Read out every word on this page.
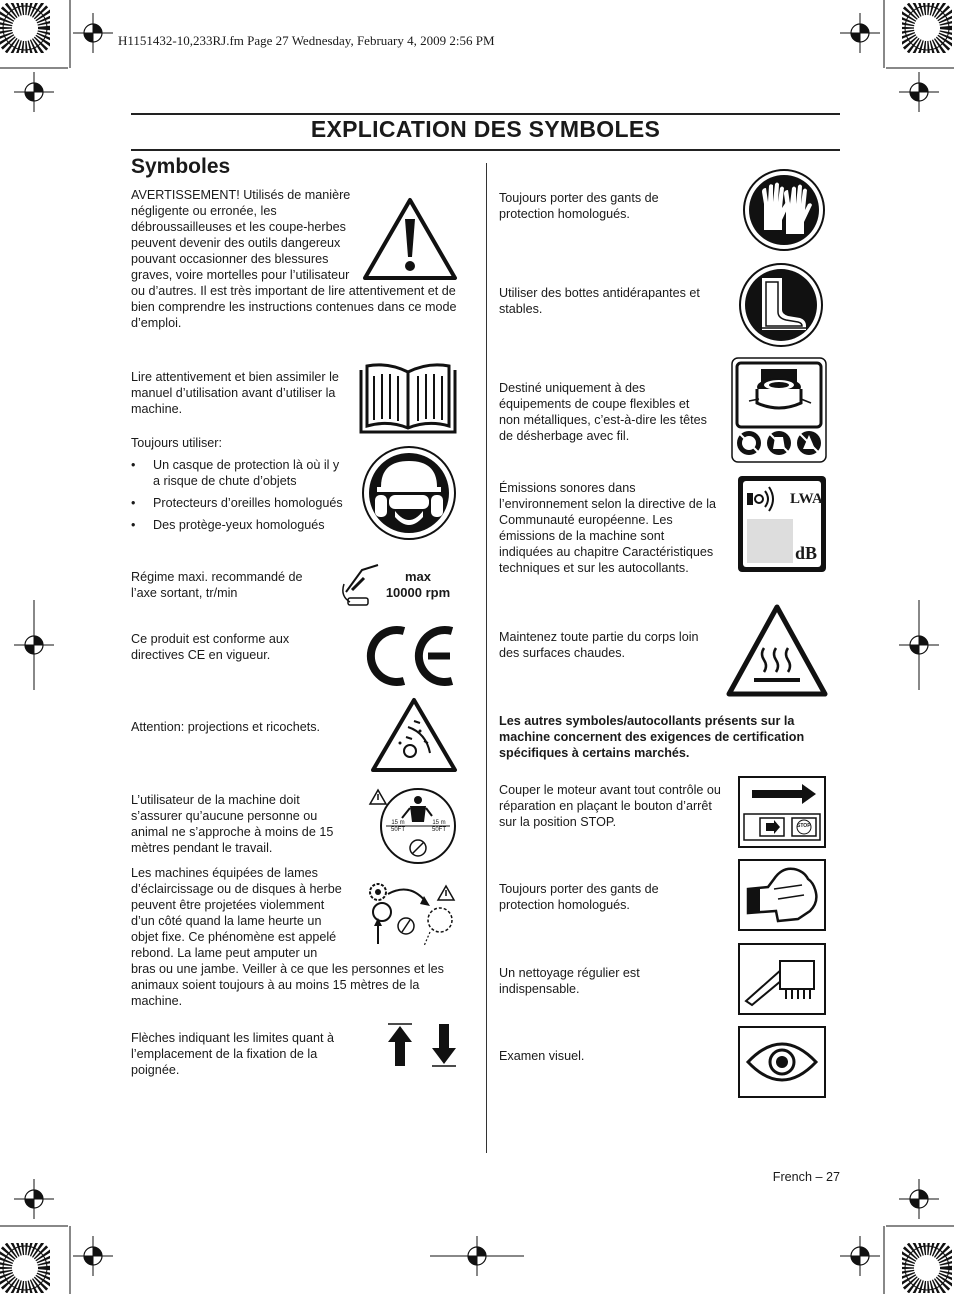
H1151432-10,233RJ.fm Page 27 Wednesday, February 4, 2009 2:56 PM
EXPLICATION DES SYMBOLES
Symboles
AVERTISSEMENT! Utilisés de manière négligente ou erronée, les débroussailleuses et les coupe-herbes peuvent devenir des outils dangereux pouvant occasionner des blessures graves, voire mortelles pour l’utilisateur ou d’autres. Il est très important de lire attentivement et de bien comprendre les instructions contenues dans ce mode d’emploi.
Lire attentivement et bien assimiler le manuel d’utilisation avant d’utiliser la machine.
Toujours utiliser:
• Un casque de protection là où il y a risque de chute d’objets
• Protecteurs d’oreilles homologués
• Des protège-yeux homologués
Régime maxi. recommandé de l’axe sortant, tr/min
max
10000 rpm
Ce produit est conforme aux directives CE en vigueur.
Attention: projections et ricochets.
L’utilisateur de la machine doit s’assurer qu’aucune personne ou animal ne s’approche à moins de 15 mètres pendant le travail.
15 m
50FT
15 m
50FT
Les machines équipées de lames d’éclaircissage ou de disques à herbe peuvent être projetées violemment d’un côté quand la lame heurte un objet fixe. Ce phénomène est appelé rebond. La lame peut amputer un bras ou une jambe. Veiller à ce que les personnes et les animaux soient toujours à au moins 15 mètres de la machine.
Flèches indiquant les limites quant à l’emplacement de la fixation de la poignée.
Toujours porter des gants de protection homologués.
Utiliser des bottes antidérapantes et stables.
Destiné uniquement à des équipements de coupe flexibles et non métalliques, c’est-à-dire les têtes de désherbage avec fil.
Émissions sonores dans l’environnement selon la directive de la Communauté européenne. Les émissions de la machine sont indiquées au chapitre Caractéristiques techniques et sur les autocollants.
LWA
dB
Maintenez toute partie du corps loin des surfaces chaudes.
Les autres symboles/autocollants présents sur la machine concernent des exigences de certification spécifiques à certains marchés.
Couper le moteur avant tout contrôle ou réparation en plaçant le bouton d’arrêt sur la position STOP.	STOP
Toujours porter des gants de protection homologués.
Un nettoyage régulier est indispensable.
Examen visuel.
French – 27
